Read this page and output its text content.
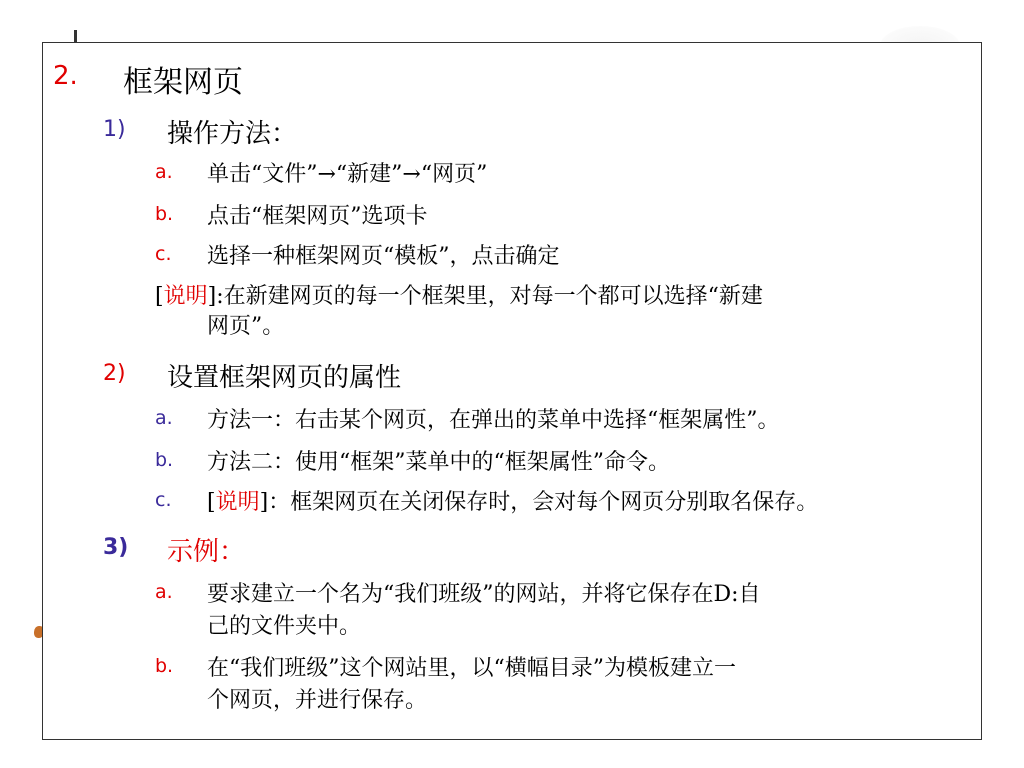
2. 框架网页
1) 操作方法：
a. 单击“文件”→“新建”→“网页”
b. 点击“框架网页”选项卡
c. 选择一种框架网页“模板”，点击确定
[说明]:在新建网页的每一个框架里，对每一个都可以选择“新建
网页”。
2) 设置框架网页的属性
a. 方法一：右击某个网页，在弹出的菜单中选择“框架属性”。
b. 方法二：使用“框架”菜单中的“框架属性”命令。
c. [说明]：框架网页在关闭保存时，会对每个网页分别取名保存。
3) 示例：
a. 要求建立一个名为“我们班级”的网站，并将它保存在D:自
己的文件夹中。
b. 在“我们班级”这个网站里，以“横幅目录”为模板建立一
个网页，并进行保存。
